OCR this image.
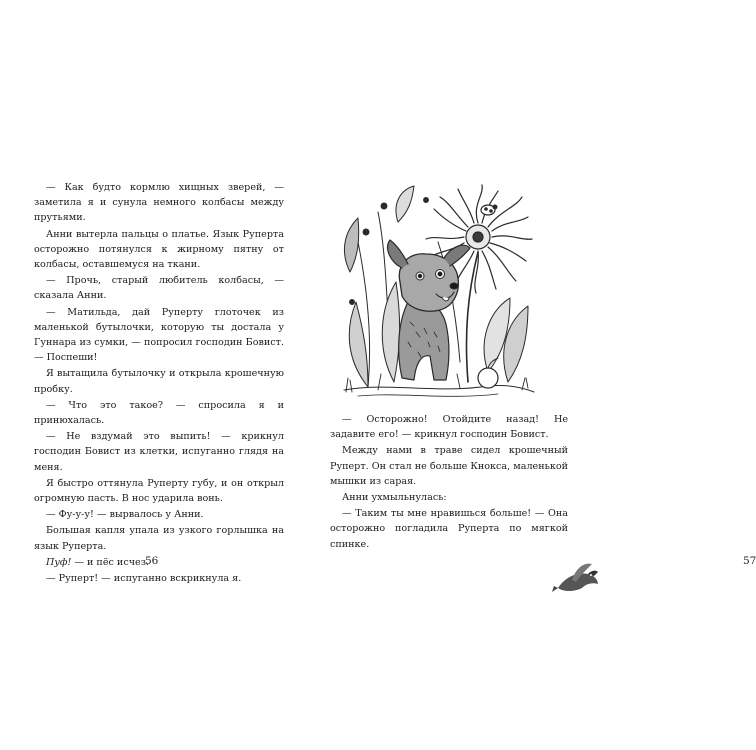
— Как будто кормлю хищных зверей, — заметила я и сунула немного колбасы между прутьями.

Анни вытерла пальцы о платье. Язык Руперта осторожно потянулся к жирному пятну от колбасы, оставшемуся на ткани.

— Прочь, старый любитель колбасы, — сказала Анни.

— Матильда, дай Руперту глоточек из маленькой бутылочки, которую ты достала у Гуннара из сумки, — попросил господин Бовист. — Поспеши!

Я вытащила бутылочку и открыла крошечную пробку.

— Что это такое? — спросила я и принюхалась.

— Не вздумай это выпить! — крикнул господин Бовист из клетки, испуганно глядя на меня.

Я быстро оттянула Руперту губу, и он открыл огромную пасть. В нос ударила вонь.

— Фу-у-у! — вырвалось у Анни.

Большая капля упала из узкого горлышка на язык Руперта.

Пуф! — и пёс исчез.

— Руперт! — испуганно вскрикнула я.

56	57

— Осторожно! Отойдите назад! Не задавите его! — крикнул господин Бовист.

Между нами в траве сидел крошечный Руперт. Он стал не больше Кнокса, маленькой мышки из сарая.

Анни ухмыльнулась:

— Таким ты мне нравишься больше! — Она осторожно погладила Руперта по мягкой спинке.
